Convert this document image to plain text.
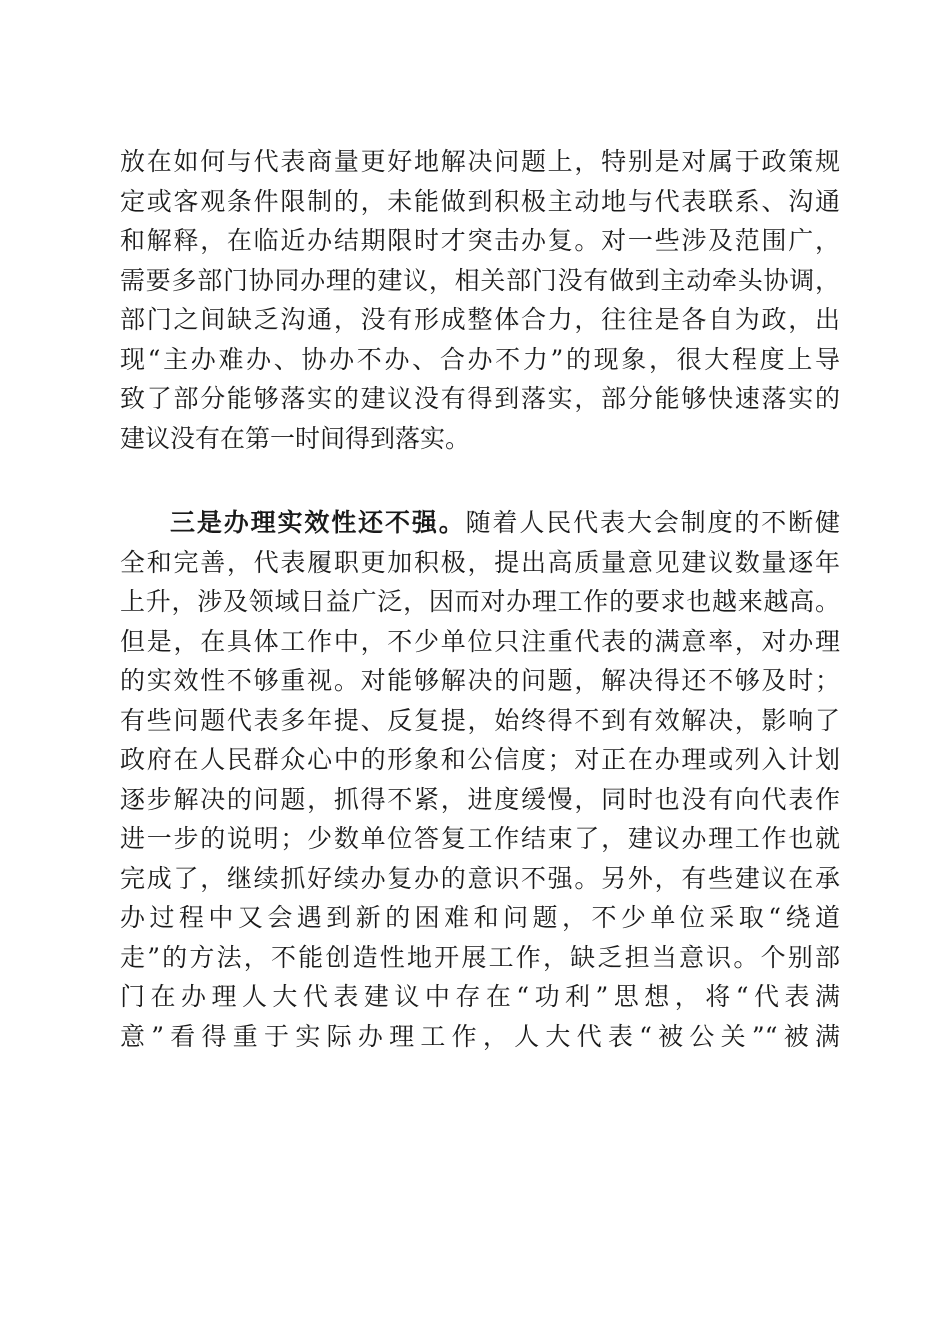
放在如何与代表商量更好地解决问题上，特别是对属于政策规
定或客观条件限制的，未能做到积极主动地与代表联系、沟通
和解释，在临近办结期限时才突击办复。对一些涉及范围广，
需要多部门协同办理的建议，相关部门没有做到主动牵头协调，
部门之间缺乏沟通，没有形成整体合力，往往是各自为政，出
现“主办难办、协办不办、合办不力”的现象，很大程度上导
致了部分能够落实的建议没有得到落实，部分能够快速落实的
建议没有在第一时间得到落实。
三是办理实效性还不强。随着人民代表大会制度的不断健
全和完善，代表履职更加积极，提出高质量意见建议数量逐年
上升，涉及领域日益广泛，因而对办理工作的要求也越来越高。
但是，在具体工作中，不少单位只注重代表的满意率，对办理
的实效性不够重视。对能够解决的问题，解决得还不够及时；
有些问题代表多年提、反复提，始终得不到有效解决，影响了
政府在人民群众心中的形象和公信度；对正在办理或列入计划
逐步解决的问题，抓得不紧，进度缓慢，同时也没有向代表作
进一步的说明；少数单位答复工作结束了，建议办理工作也就
完成了，继续抓好续办复办的意识不强。另外，有些建议在承
办过程中又会遇到新的困难和问题，不少单位采取“绕道
走”的方法，不能创造性地开展工作，缺乏担当意识。个别部
门在办理人大代表建议中存在“功利”思想，将“代表满
意”看得重于实际办理工作，人大代表“被公关”“被满
